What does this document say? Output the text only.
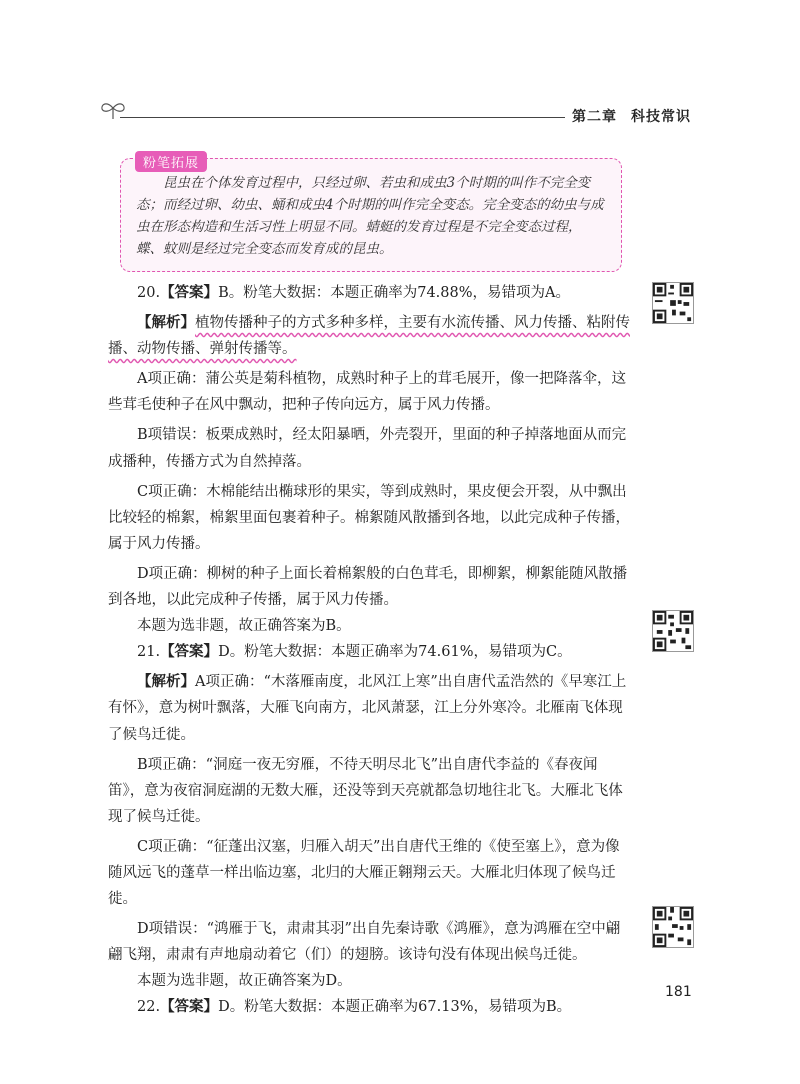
第二章 科技常识
粉笔拓展

昆虫在个体发育过程中，只经过卵、若虫和成虫3个时期的叫作不完全变态；而经过卵、幼虫、蛹和成虫4个时期的叫作完全变态。完全变态的幼虫与成虫在形态构造和生活习性上明显不同。蜻蜓的发育过程是不完全变态过程，蝶、蚊则是经过完全变态而发育成的昆虫。

20.【答案】B。粉笔大数据：本题正确率为74.88%，易错项为A。

【解析】植物传播种子的方式多种多样，主要有水流传播、风力传播、粘附传播、动物传播、弹射传播等。

A项正确：蒲公英是菊科植物，成熟时种子上的茸毛展开，像一把降落伞，这些茸毛使种子在风中飘动，把种子传向远方，属于风力传播。

B项错误：板栗成熟时，经太阳暴晒，外壳裂开，里面的种子掉落地面从而完成播种，传播方式为自然掉落。

C项正确：木棉能结出椭球形的果实，等到成熟时，果皮便会开裂，从中飘出比较轻的棉絮，棉絮里面包裹着种子。棉絮随风散播到各地，以此完成种子传播，属于风力传播。

D项正确：柳树的种子上面长着棉絮般的白色茸毛，即柳絮，柳絮能随风散播到各地，以此完成种子传播，属于风力传播。

本题为选非题，故正确答案为B。

21.【答案】D。粉笔大数据：本题正确率为74.61%，易错项为C。

【解析】A项正确：“木落雁南度，北风江上寒”出自唐代孟浩然的《早寒江上有怀》，意为树叶飘落，大雁飞向南方，北风萧瑟，江上分外寒冷。北雁南飞体现了候鸟迁徙。

B项正确：“洞庭一夜无穷雁，不待天明尽北飞”出自唐代李益的《春夜闻笛》，意为夜宿洞庭湖的无数大雁，还没等到天亮就都急切地往北飞。大雁北飞体现了候鸟迁徙。

C项正确：“征蓬出汉塞，归雁入胡天”出自唐代王维的《使至塞上》，意为像随风远飞的蓬草一样出临边塞，北归的大雁正翱翔云天。大雁北归体现了候鸟迁徙。

D项错误：“鸿雁于飞，肃肃其羽”出自先秦诗歌《鸿雁》，意为鸿雁在空中翩翩飞翔，肃肃有声地扇动着它（们）的翅膀。该诗句没有体现出候鸟迁徙。

本题为选非题，故正确答案为D。

22.【答案】D。粉笔大数据：本题正确率为67.13%，易错项为B。

181
